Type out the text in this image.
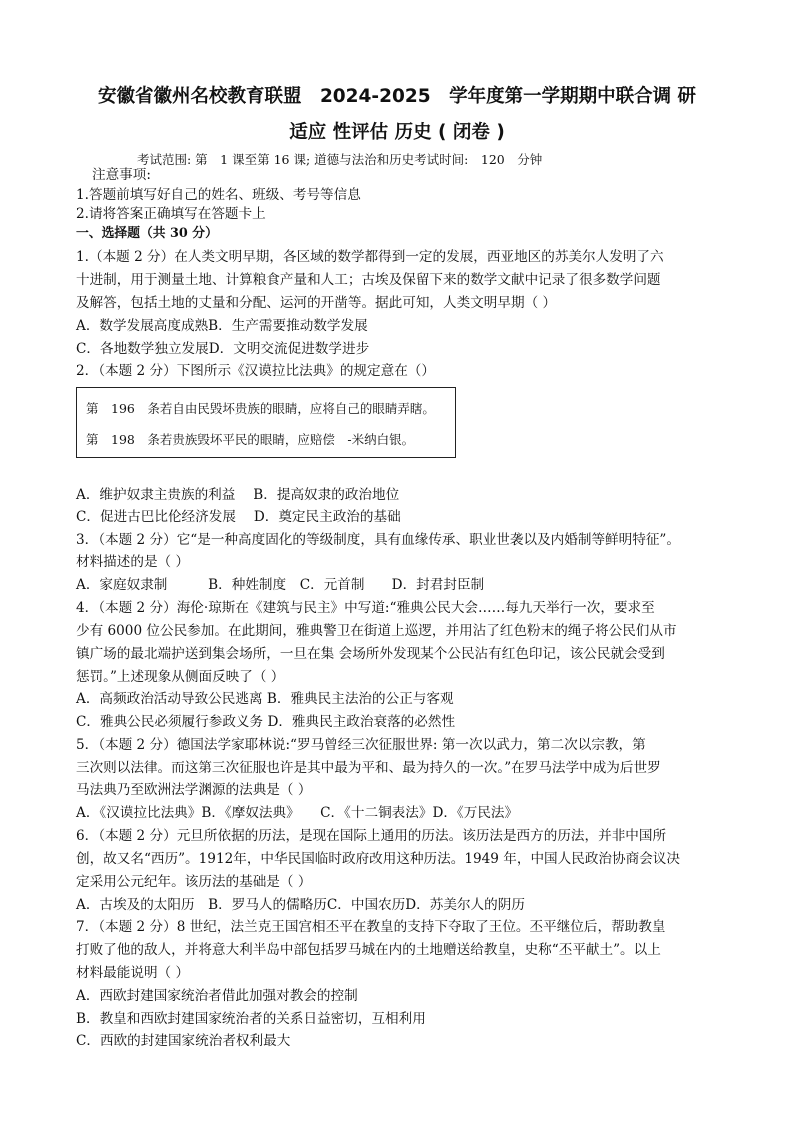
安徽省徽州名校教育联盟　2024-2025　学年度第一学期期中联合调 研
适应 性评估 历史 ( 闭卷 )
考试范围: 第　1 课至第 16 课; 道德与法治和历史考试时间:　120　分钟
注意事项:
1.答题前填写好自己的姓名、班级、考号等信息
2.请将答案正确填写在答题卡上
一、选择题（共 30 分）
1.（本题 2 分）在人类文明早期，各区域的数学都得到一定的发展，西亚地区的苏美尔人发明了六
十进制，用于测量土地、计算粮食产量和人工；古埃及保留下来的数学文献中记录了很多数学问题
及解答，包括土地的丈量和分配、运河的开凿等。据此可知，人类文明早期（ ）
A．数学发展高度成熟B．生产需要推动数学发展
C．各地数学独立发展D．文明交流促进数学进步
2．（本题 2 分）下图所示《汉谟拉比法典》的规定意在（）
第　196　条若自由民毁坏贵族的眼睛，应将自己的眼睛弄瞎。
第　198　条若贵族毁坏平民的眼睛，应赔偿　-米纳白银。
A．维护奴隶主贵族的利益　 B．提高奴隶的政治地位
C．促进古巴比伦经济发展　 D．奠定民主政治的基础
3．（本题 2 分）它“是一种高度固化的等级制度，具有血缘传承、职业世袭以及内婚制等鲜明特征”。
材料描述的是（ ）
A．家庭奴隶制　　　B．种姓制度　C．元首制　　D．封君封臣制
4．（本题 2 分）海伦·琼斯在《建筑与民主》中写道:“雅典公民大会……每九天举行一次，要求至
少有 6000 位公民参加。在此期间，雅典警卫在街道上巡逻，并用沾了红色粉末的绳子将公民们从市
镇广场的最北端护送到集会场所，一旦在集 会场所外发现某个公民沾有红色印记，该公民就会受到
惩罚。”上述现象从侧面反映了（ ）
A．高频政治活动导致公民逃离 B．雅典民主法治的公正与客观
C．雅典公民必须履行参政义务 D．雅典民主政治衰落的必然性
5．（本题 2 分）德国法学家耶林说:“罗马曾经三次征服世界: 第一次以武力，第二次以宗教，第
三次则以法律。而这第三次征服也许是其中最为平和、最为持久的一次。”在罗马法学中成为后世罗
马法典乃至欧洲法学渊源的法典是（ ）
A．《汉谟拉比法典》B．《摩奴法典》　　C．《十二铜表法》D．《万民法》
6．（本题 2 分）元旦所依据的历法，是现在国际上通用的历法。该历法是西方的历法，并非中国所
创，故又名“西历”。1912年，中华民国临时政府改用这种历法。1949 年，中国人民政治协商会议决
定采用公元纪年。该历法的基础是（ ）
A．古埃及的太阳历　B．罗马人的儒略历C．中国农历D．苏美尔人的阴历
7．（本题 2 分）8 世纪，法兰克王国宫相丕平在教皇的支持下夺取了王位。丕平继位后，帮助教皇
打败了他的敌人，并将意大利半岛中部包括罗马城在内的土地赠送给教皇，史称“丕平献土”。以上
材料最能说明（ ）
A．西欧封建国家统治者借此加强对教会的控制
B．教皇和西欧封建国家统治者的关系日益密切，互相利用
C．西欧的封建国家统治者权利最大
